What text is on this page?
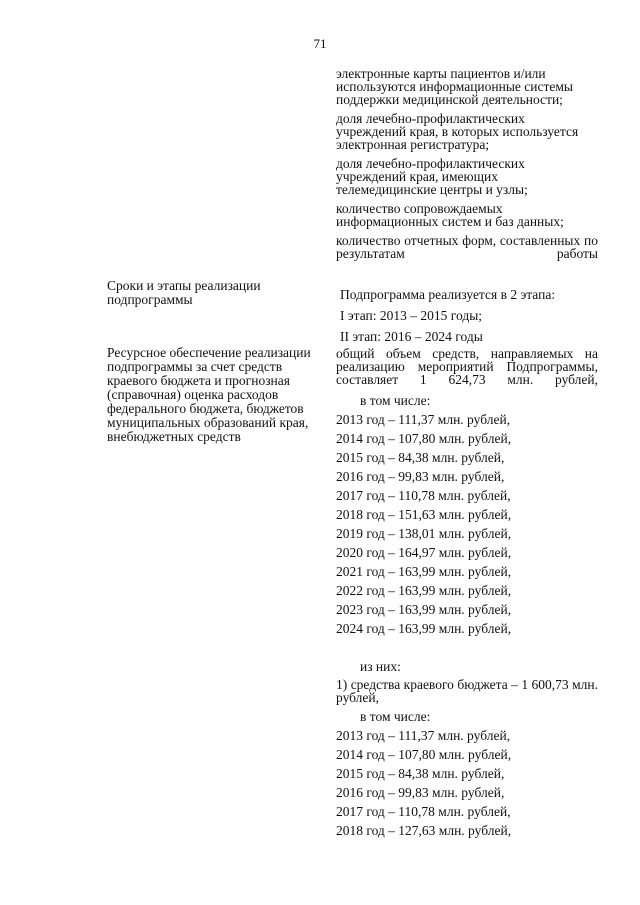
71
электронные карты пациентов и/или используются информационные системы поддержки медицинской деятельности;
доля лечебно-профилактических учреждений края, в которых используется электронная регистратура;
доля лечебно-профилактических учреждений края, имеющих телемедицинские центры и узлы;
количество сопровождаемых информационных систем и баз данных;
количество отчетных форм, составленных по результатам работы
Сроки и этапы реализации подпрограммы	Подпрограмма реализуется в 2 этапа:
I этап: 2013 – 2015 годы;
II этап: 2016 – 2024 годы
Ресурсное обеспечение реализации подпрограммы за счет средств краевого бюджета и прогнозная (справочная) оценка расходов федерального бюджета, бюджетов муниципальных образований края, внебюджетных средств
общий объем средств, направляемых на реализацию мероприятий Подпрограммы, составляет 1 624,73 млн. рублей,
в том числе:
2013 год – 111,37 млн. рублей,
2014 год – 107,80 млн. рублей,
2015 год – 84,38 млн. рублей,
2016 год – 99,83 млн. рублей,
2017 год – 110,78 млн. рублей,
2018 год – 151,63 млн. рублей,
2019 год – 138,01 млн. рублей,
2020 год – 164,97 млн. рублей,
2021 год – 163,99 млн. рублей,
2022 год – 163,99 млн. рублей,
2023 год – 163,99 млн. рублей,
2024 год – 163,99 млн. рублей,
из них:
1) средства краевого бюджета – 1 600,73 млн. рублей,
в том числе:
2013 год – 111,37 млн. рублей,
2014 год – 107,80 млн. рублей,
2015 год – 84,38 млн. рублей,
2016 год – 99,83 млн. рублей,
2017 год – 110,78 млн. рублей,
2018 год – 127,63 млн. рублей,
